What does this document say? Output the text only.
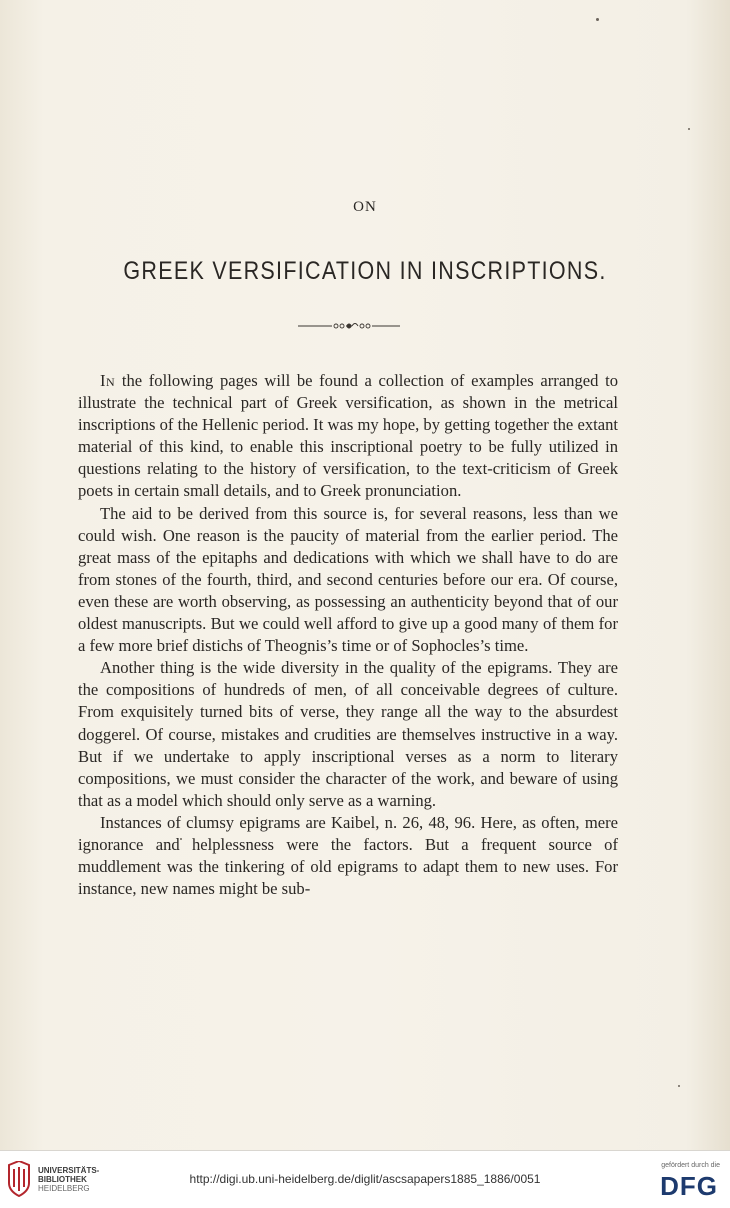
ON
GREEK VERSIFICATION IN INSCRIPTIONS.

In the following pages will be found a collection of examples arranged to illustrate the technical part of Greek versification, as shown in the metrical inscriptions of the Hellenic period. It was my hope, by getting together the extant material of this kind, to enable this inscriptional poetry to be fully utilized in questions relating to the history of versification, to the text-criticism of Greek poets in certain small details, and to Greek pronunciation.

The aid to be derived from this source is, for several reasons, less than we could wish. One reason is the paucity of material from the earlier period. The great mass of the epitaphs and dedications with which we shall have to do are from stones of the fourth, third, and second centuries before our era. Of course, even these are worth observing, as possessing an authenticity beyond that of our oldest manuscripts. But we could well afford to give up a good many of them for a few more brief distichs of Theognis’s time or of Sophocles’s time.

Another thing is the wide diversity in the quality of the epigrams. They are the compositions of hundreds of men, of all conceivable degrees of culture. From exquisitely turned bits of verse, they range all the way to the absurdest doggerel. Of course, mistakes and crudities are themselves instructive in a way. But if we undertake to apply inscriptional verses as a norm to literary compositions, we must consider the character of the work, and beware of using that as a model which should only serve as a warning.

Instances of clumsy epigrams are Kaibel, n. 26, 48, 96. Here, as often, mere ignorance and helplessness were the factors. But a frequent source of muddlement was the tinkering of old epigrams to adapt them to new uses. For instance, new names might be sub-

UNIVERSITÄTS-
BIBLIOTHEK
HEIDELBERG
http://digi.ub.uni-heidelberg.de/diglit/ascsapapers1885_1886/0051
gefördert durch die
DFG
